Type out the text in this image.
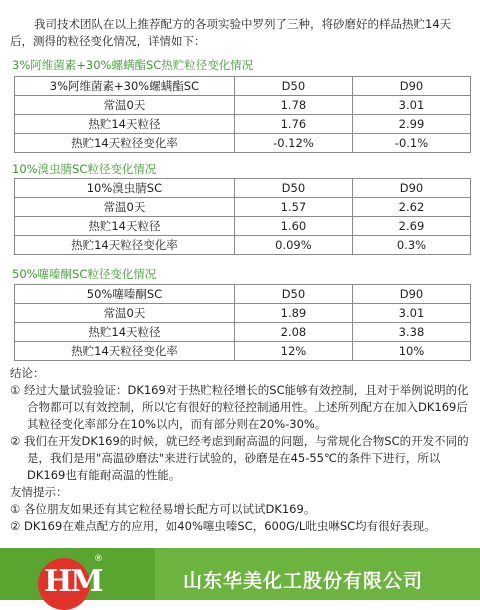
我司技术团队在以上推荐配方的各项实验中罗列了三种，将砂磨好的样品热贮14天后，测得的粒径变化情况，详情如下：
3%阿维菌素+30%螺螨酯SC热贮粒径变化情况
3%阿维菌素+30%螺螨酯SC	D50	D90
常温0天	1.78	3.01
热贮14天粒径	1.76	2.99
热贮14天粒径变化率	-0.12%	-0.1%
10%溴虫腈SC粒径变化情况
10%溴虫腈SC	D50	D90
常温0天	1.57	2.62
热贮14天粒径	1.60	2.69
热贮14天粒径变化率	0.09%	0.3%
50%噻嗪酮SC粒径变化情况
50%噻嗪酮SC	D50	D90
常温0天	1.89	3.01
热贮14天粒径	2.08	3.38
热贮14天粒径变化率	12%	10%

结论：

① 经过大量试验验证：DK169对于热贮粒径增长的SC能够有效控制，且对于举例说明的化合物都可以有效控制，所以它有很好的粒径控制通用性。上述所列配方在加入DK169后其粒径变化率部分在10%以内，而有部分则在20%-30%。

② 我们在开发DK169的时候，就已经考虑到耐高温的问题，与常规化合物SC的开发不同的是，我们是用"高温砂磨法"来进行试验的，砂磨是在45-55℃的条件下进行，所以DK169也有能耐高温的性能。

友情提示：

① 各位朋友如果还有其它粒径易增长配方可以试试DK169。

② DK169在难点配方的应用，如40%噻虫嗪SC，600G/L吡虫啉SC均有很好表现。

HM
®
山东华美化工股份有限公司
